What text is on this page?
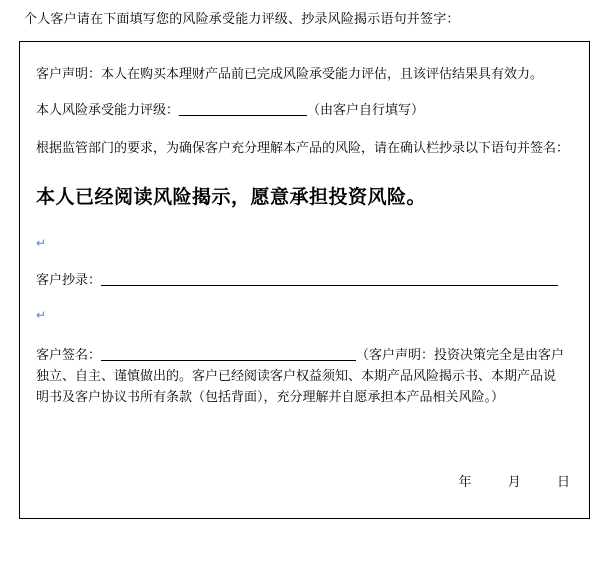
个人客户请在下面填写您的风险承受能力评级、抄录风险揭示语句并签字：

客户声明：本人在购买本理财产品前已完成风险承受能力评估，且该评估结果具有效力。

本人风险承受能力评级：	（由客户自行填写）

根据监管部门的要求，为确保客户充分理解本产品的风险，请在确认栏抄录以下语句并签名：

本人已经阅读风险揭示，愿意承担投资风险。

↵
客户抄录：
↵
客户签名：	（客户声明：投资决策完全是由客户
独立、自主、谨慎做出的。客户已经阅读客户权益须知、本期产品风险揭示书、本期产品说
明书及客户协议书所有条款（包括背面），充分理解并自愿承担本产品相关风险。）
年	月	日
